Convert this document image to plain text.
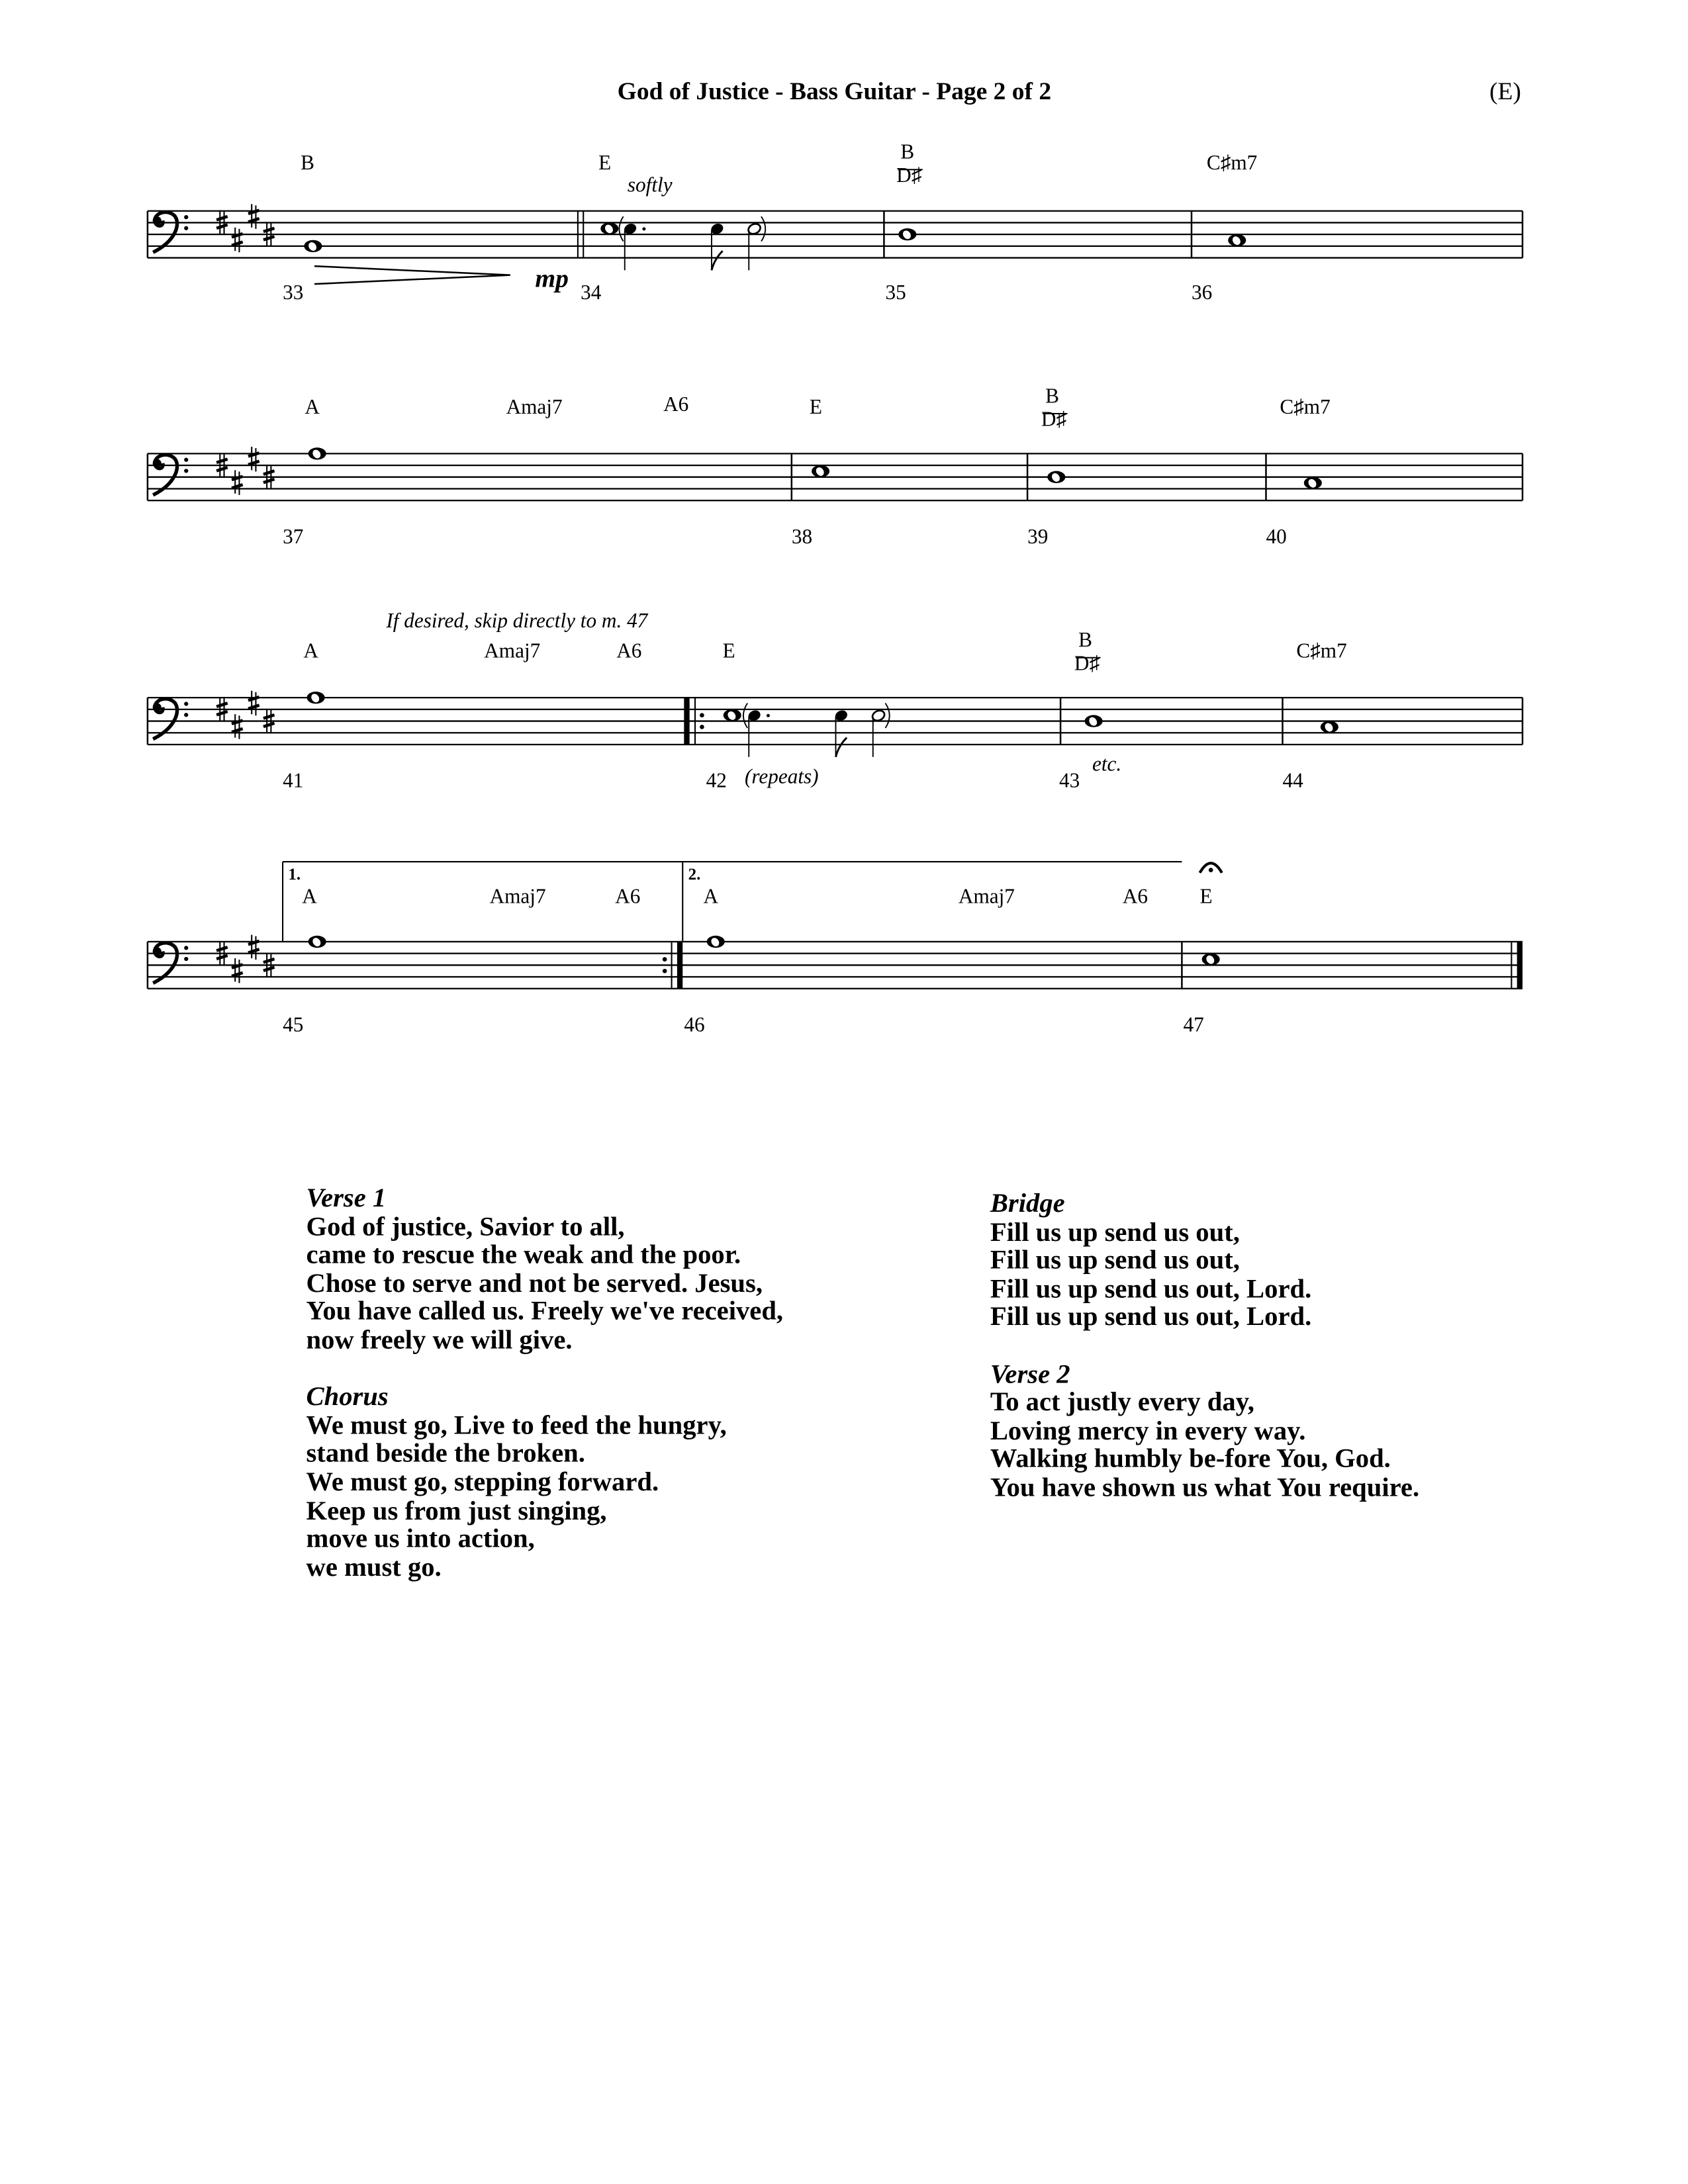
God of Justice - Bass Guitar - Page 2 of 2	(E)
B	E	B
D♯
C♯m7
softly
mp
33	34	35	36
A	Amaj7	A6	E	B
D♯
C♯m7
37	38	39	40
If desired, skip directly to m. 47
A	Amaj7	A6	E	B
D♯
C♯m7
41	42	43	44
(repeats)
etc.
1.	2.
A	Amaj7	A6	A	Amaj7	A6	E
45	46	47
Verse 1
God of justice, Savior to all,
came to rescue the weak and the poor.
Chose to serve and not be served. Jesus,
You have called us. Freely we've received,
now freely we will give.
Chorus
We must go, Live to feed the hungry,
stand beside the broken.
We must go, stepping forward.
Keep us from just singing,
move us into action,
we must go.
Bridge
Fill us up send us out,
Fill us up send us out,
Fill us up send us out, Lord.
Fill us up send us out, Lord.
Verse 2
To act justly every day,
Loving mercy in every way.
Walking humbly be-fore You, God.
You have shown us what You require.
